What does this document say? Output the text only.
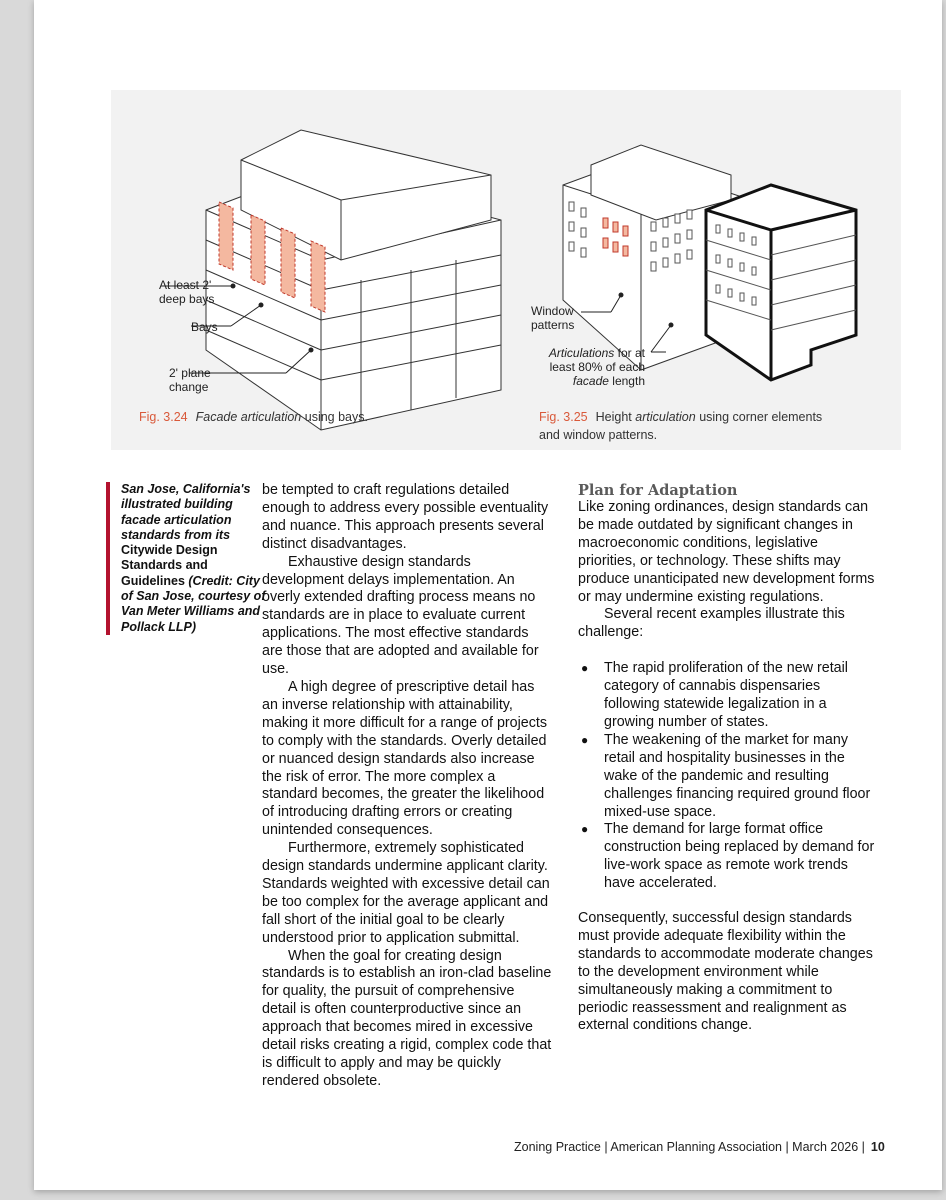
At least 2' deep bays
Bays
2' plane change
Window patterns
Articulations for at least 80% of each facade length
Fig. 3.24 Facade articulation using bays.	Fig. 3.25 Height articulation using corner elements and window patterns.
San Jose, California's illustrated building facade articulation standards from its Citywide Design Standards and Guidelines (Credit: City of San Jose, courtesy of Van Meter Williams and Pollack LLP)

be tempted to craft regulations detailed enough to address every possible eventuality and nuance. This approach presents several distinct disadvantages.

Exhaustive design standards development delays implementation. An overly extended drafting process means no standards are in place to evaluate current applications. The most effective standards are those that are adopted and available for use.

A high degree of prescriptive detail has an inverse relationship with attainability, making it more difficult for a range of projects to comply with the standards. Overly detailed or nuanced design standards also increase the risk of error. The more complex a standard becomes, the greater the likelihood of introducing drafting errors or creating unintended consequences.

Furthermore, extremely sophisticated design standards undermine applicant clarity. Standards weighted with excessive detail can be too complex for the average applicant and fall short of the initial goal to be clearly understood prior to application submittal.

When the goal for creating design standards is to establish an iron-clad baseline for quality, the pursuit of comprehensive detail is often counterproductive since an approach that becomes mired in excessive detail risks creating a rigid, complex code that is difficult to apply and may be quickly rendered obsolete.

Plan for Adaptation

Like zoning ordinances, design standards can be made outdated by significant changes in macroeconomic conditions, legislative priorities, or technology. These shifts may produce unanticipated new development forms or may undermine existing regulations.

Several recent examples illustrate this challenge:

● The rapid proliferation of the new retail category of cannabis dispensaries following statewide legalization in a growing number of states.
● The weakening of the market for many retail and hospitality businesses in the wake of the pandemic and resulting challenges financing required ground floor mixed-use space.
● The demand for large format office construction being replaced by demand for live-work space as remote work trends have accelerated.

Consequently, successful design standards must provide adequate flexibility within the standards to accommodate moderate changes to the development environment while simultaneously making a commitment to periodic reassessment and realignment as external conditions change.

Zoning Practice | American Planning Association | March 2026 | 10
